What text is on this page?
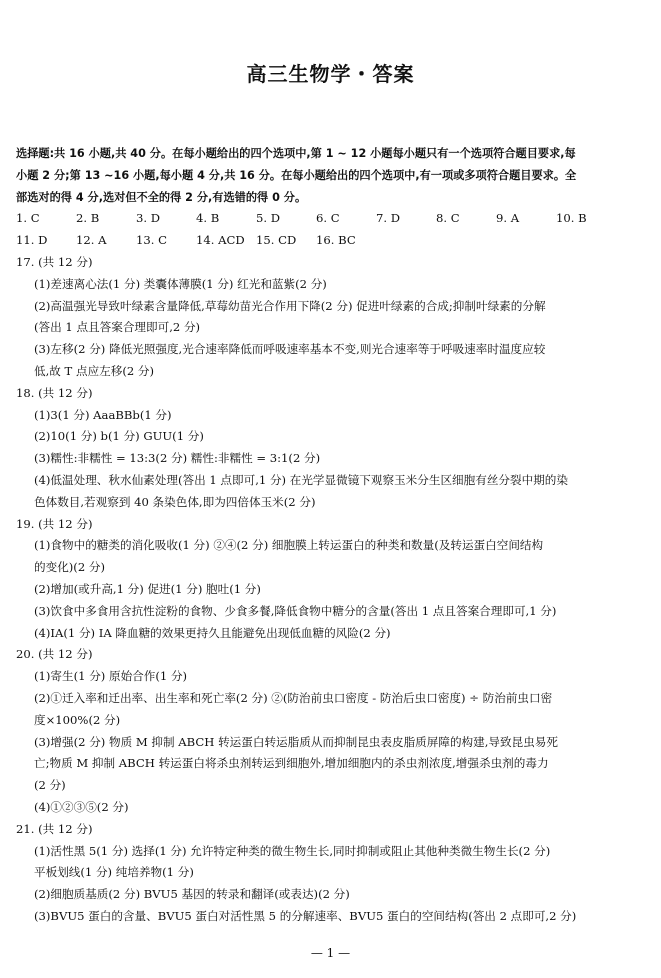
高三生物学・答案
选择题:共 16 小题,共 40 分。在每小题给出的四个选项中,第 1 ~ 12 小题每小题只有一个选项符合题目要求,每
小题 2 分;第 13 ~16 小题,每小题 4 分,共 16 分。在每小题给出的四个选项中,有一项或多项符合题目要求。全
部选对的得 4 分,选对但不全的得 2 分,有选错的得 0 分。
1. C	2. B	3. D	4. B	5. D	6. C	7. D	8. C	9. A	10. B
11. D	12. A	13. C	14. ACD 15. CD	16. BC
17. (共 12 分)
(1)差速离心法(1 分) 类囊体薄膜(1 分) 红光和蓝紫(2 分)
(2)高温强光导致叶绿素含量降低,草莓幼苗光合作用下降(2 分) 促进叶绿素的合成;抑制叶绿素的分解
(答出 1 点且答案合理即可,2 分)
(3)左移(2 分) 降低光照强度,光合速率降低而呼吸速率基本不变,则光合速率等于呼吸速率时温度应较
低,故 T 点应左移(2 分)
18. (共 12 分)
(1)3(1 分) AaaBBb(1 分)
(2)10(1 分) b(1 分) GUU(1 分)
(3)糯性:非糯性 = 13:3(2 分) 糯性:非糯性 = 3:1(2 分)
(4)低温处理、秋水仙素处理(答出 1 点即可,1 分) 在光学显微镜下观察玉米分生区细胞有丝分裂中期的染
色体数目,若观察到 40 条染色体,即为四倍体玉米(2 分)
19. (共 12 分)
(1)食物中的糖类的消化吸收(1 分) ②④(2 分) 细胞膜上转运蛋白的种类和数量(及转运蛋白空间结构
的变化)(2 分)
(2)增加(或升高,1 分) 促进(1 分) 胞吐(1 分)
(3)饮食中多食用含抗性淀粉的食物、少食多餐,降低食物中糖分的含量(答出 1 点且答案合理即可,1 分)
(4)IA(1 分) IA 降血糖的效果更持久且能避免出现低血糖的风险(2 分)
20. (共 12 分)
(1)寄生(1 分) 原始合作(1 分)
(2)①迁入率和迁出率、出生率和死亡率(2 分) ②(防治前虫口密度 - 防治后虫口密度) ÷ 防治前虫口密
度×100%(2 分)
(3)增强(2 分) 物质 M 抑制 ABCH 转运蛋白转运脂质从而抑制昆虫表皮脂质屏障的构建,导致昆虫易死
亡;物质 M 抑制 ABCH 转运蛋白将杀虫剂转运到细胞外,增加细胞内的杀虫剂浓度,增强杀虫剂的毒力
(2 分)
(4)①②③⑤(2 分)
21. (共 12 分)
(1)活性黑 5(1 分) 选择(1 分) 允许特定种类的微生物生长,同时抑制或阻止其他种类微生物生长(2 分)
平板划线(1 分) 纯培养物(1 分)
(2)细胞质基质(2 分) BVU5 基因的转录和翻译(或表达)(2 分)
(3)BVU5 蛋白的含量、BVU5 蛋白对活性黑 5 的分解速率、BVU5 蛋白的空间结构(答出 2 点即可,2 分)
— 1 —
